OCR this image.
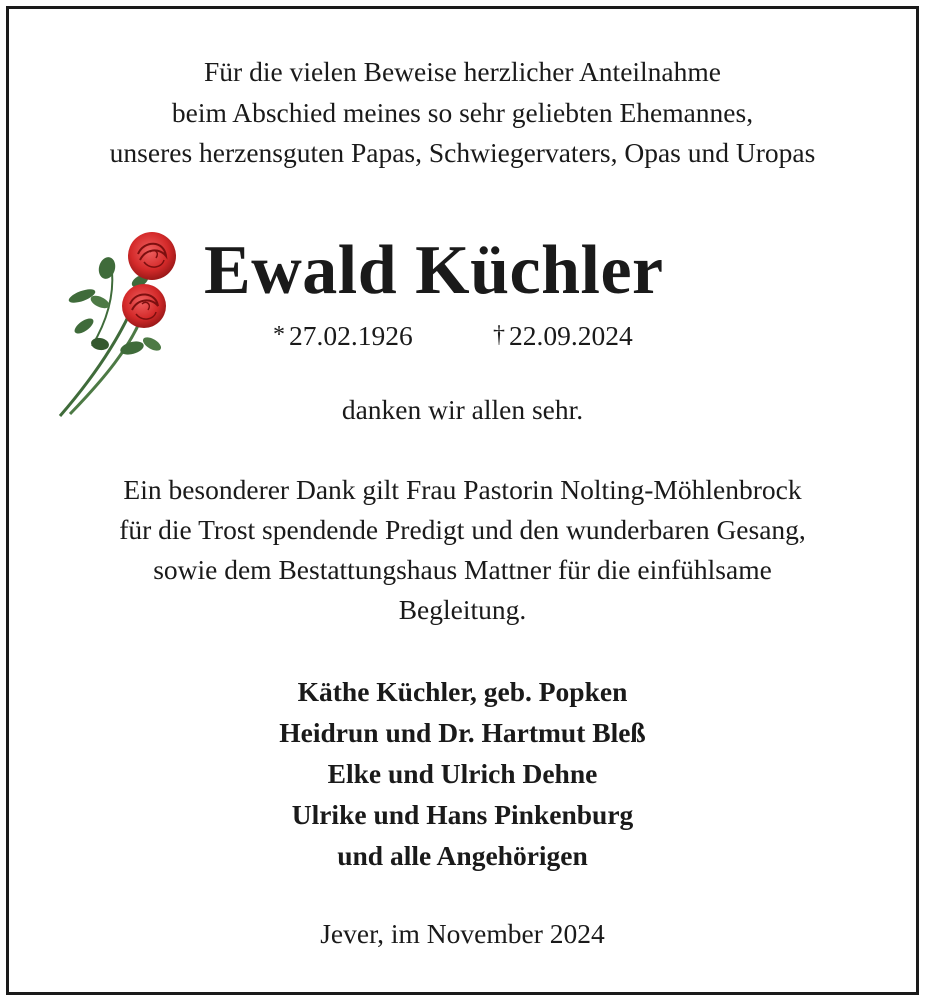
Für die vielen Beweise herzlicher Anteilnahme
beim Abschied meines so sehr geliebten Ehemannes,
unseres herzensguten Papas, Schwiegervaters, Opas und Uropas
Ewald Küchler
* 27.02.1926	† 22.09.2024
danken wir allen sehr.
Ein besonderer Dank gilt Frau Pastorin Nolting-Möhlenbrock
für die Trost spendende Predigt und den wunderbaren Gesang,
sowie dem Bestattungshaus Mattner für die einfühlsame
Begleitung.
Käthe Küchler, geb. Popken
Heidrun und Dr. Hartmut Bleß
Elke und Ulrich Dehne
Ulrike und Hans Pinkenburg
und alle Angehörigen
Jever, im November 2024
